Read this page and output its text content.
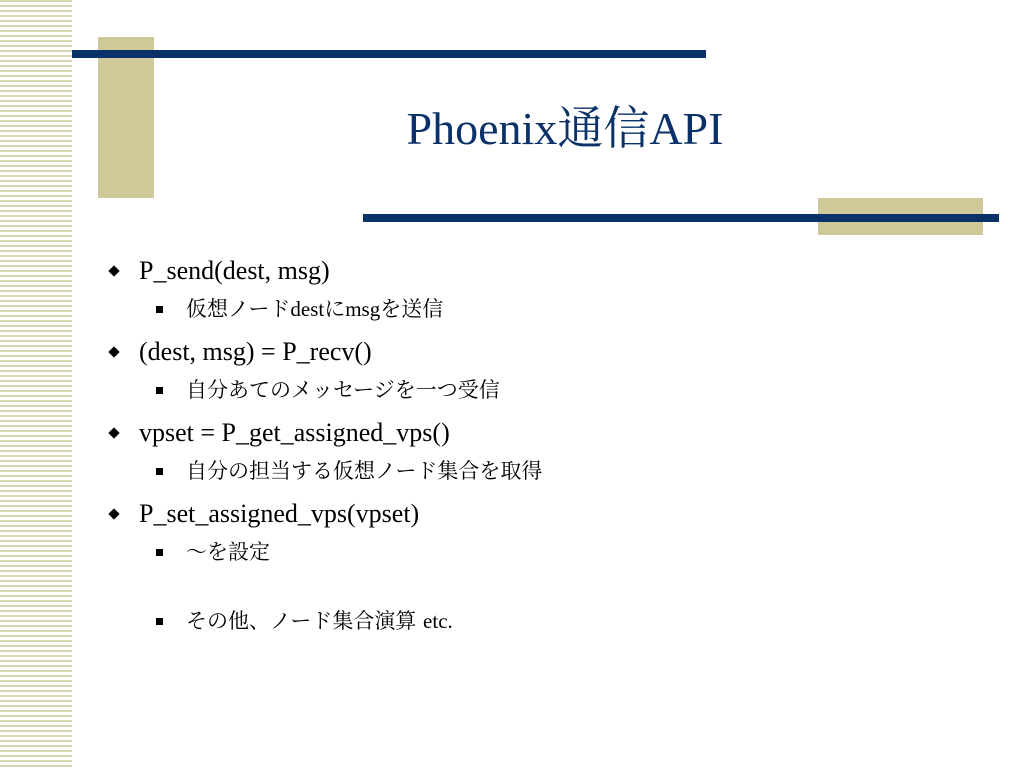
Phoenix通信API
P_send(dest, msg)
仮想ノードdestにmsgを送信
(dest, msg) = P_recv()
自分あてのメッセージを一つ受信
vpset = P_get_assigned_vps()
自分の担当する仮想ノード集合を取得
P_set_assigned_vps(vpset)
～を設定
その他、ノード集合演算 etc.
